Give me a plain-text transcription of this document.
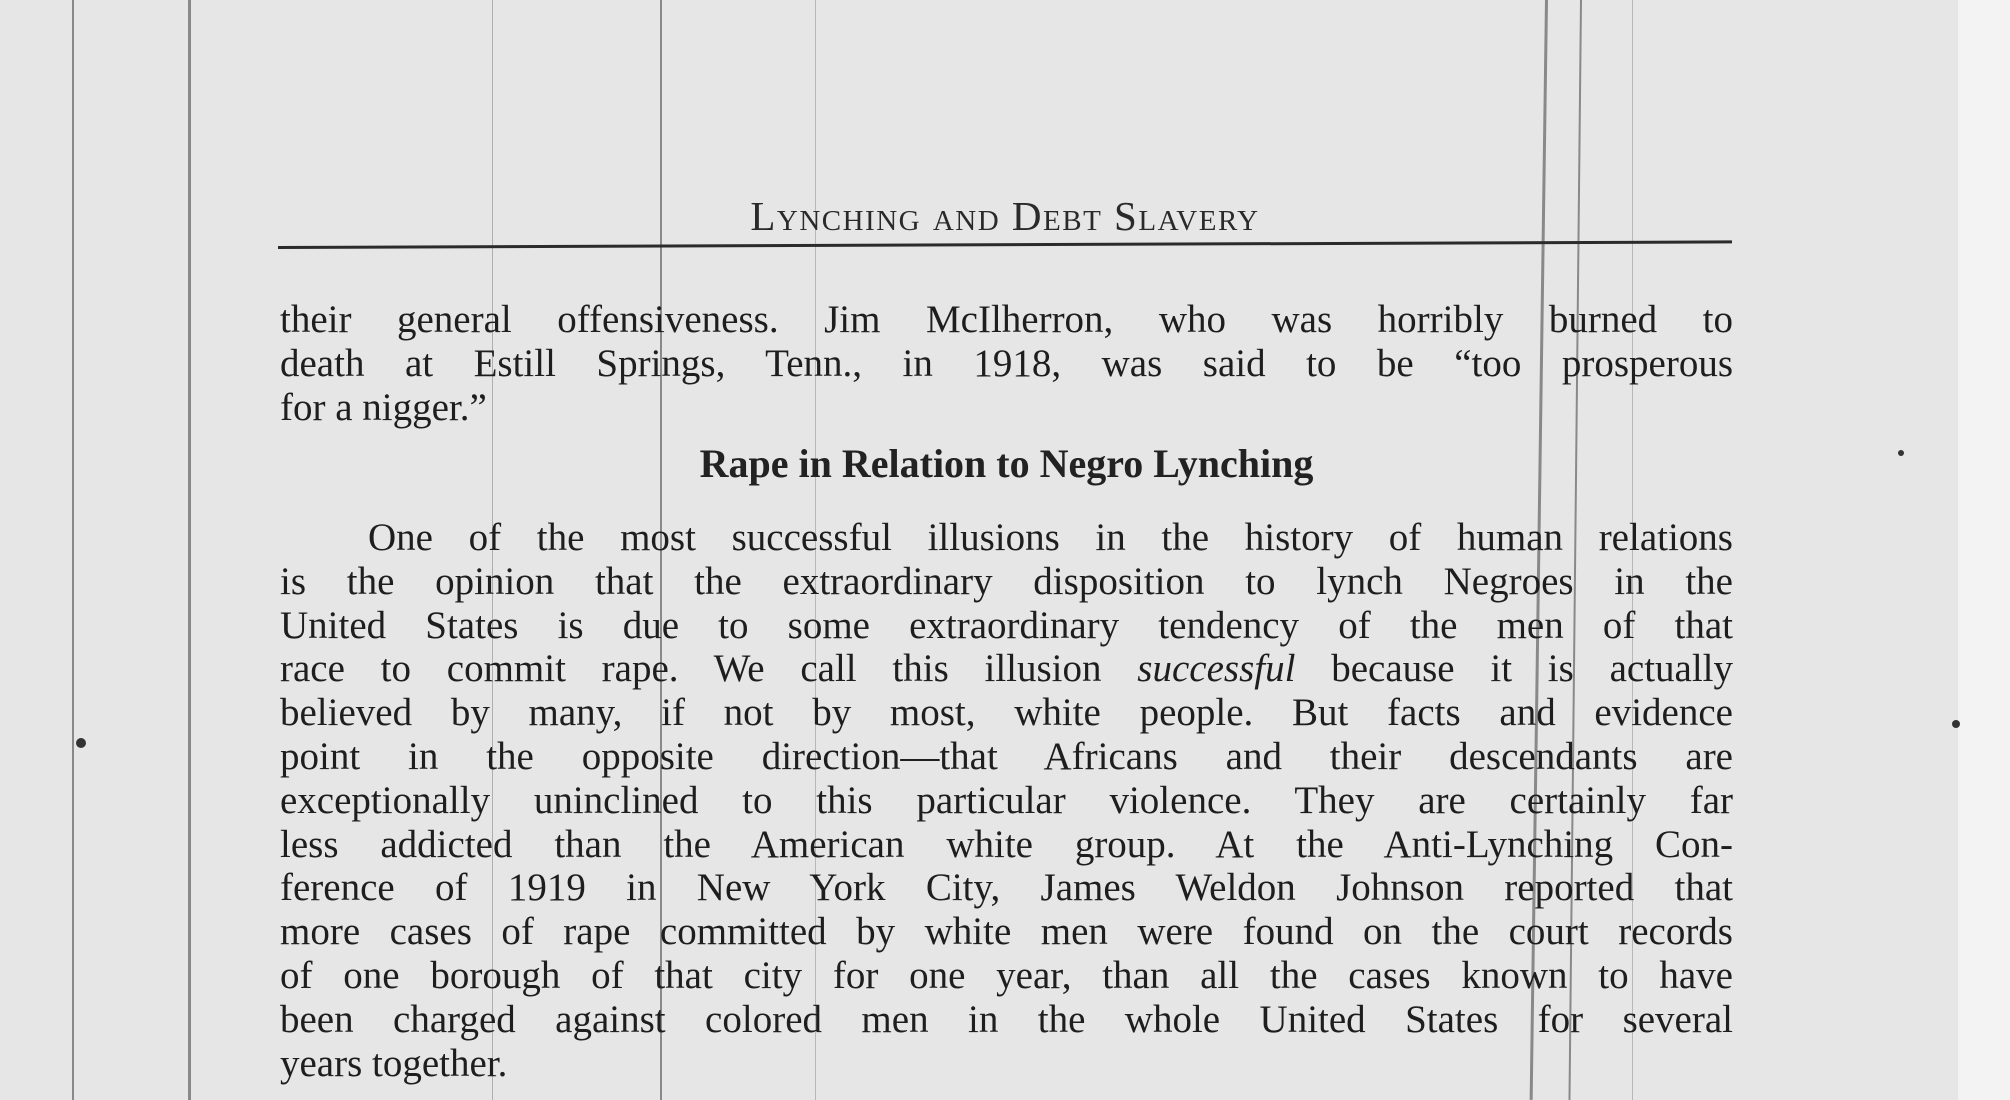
Lynching and Debt Slavery
their general offensiveness. Jim McIlherron, who was horribly burned to
death at Estill Springs, Tenn., in 1918, was said to be “too prosperous
for a nigger.”
Rape in Relation to Negro Lynching
One of the most successful illusions in the history of human relations
is the opinion that the extraordinary disposition to lynch Negroes in the
United States is due to some extraordinary tendency of the men of that
race to commit rape. We call this illusion successful because it is actually
believed by many, if not by most, white people. But facts and evidence
point in the opposite direction—that Africans and their descendants are
exceptionally uninclined to this particular violence. They are certainly far
less addicted than the American white group. At the Anti-Lynching Con-
ference of 1919 in New York City, James Weldon Johnson reported that
more cases of rape committed by white men were found on the court records
of one borough of that city for one year, than all the cases known to have
been charged against colored men in the whole United States for several
years together.
